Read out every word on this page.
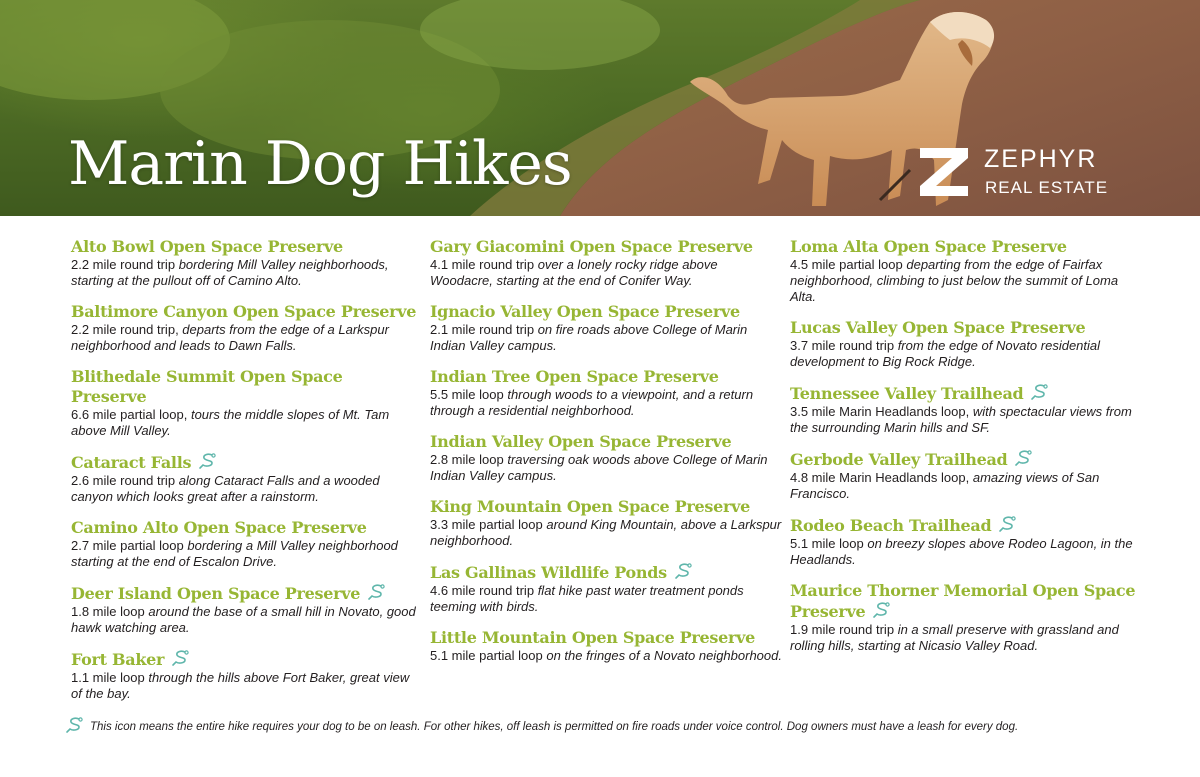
Marin Dog Hikes	ZEPHYR
REAL ESTATE
Alto Bowl Open Space Preserve
2.2 mile round trip bordering Mill Valley neighborhoods, starting at the pullout off of Camino Alto.
Baltimore Canyon Open Space Preserve
2.2 mile round trip, departs from the edge of a Larkspur neighborhood and leads to Dawn Falls.
Blithedale Summit Open Space Preserve
6.6 mile partial loop, tours the middle slopes of Mt. Tam above Mill Valley.
Cataract Falls
2.6 mile round trip along Cataract Falls and a wooded canyon which looks great after a rainstorm.
Camino Alto Open Space Preserve
2.7 mile partial loop bordering a Mill Valley neighborhood starting at the end of Escalon Drive.
Deer Island Open Space Preserve
1.8 mile loop around the base of a small hill in Novato, good hawk watching area.
Fort Baker
1.1 mile loop through the hills above Fort Baker, great view of the bay.
Gary Giacomini Open Space Preserve
4.1 mile round trip over a lonely rocky ridge above Woodacre, starting at the end of Conifer Way.
Ignacio Valley Open Space Preserve
2.1 mile round trip on fire roads above College of Marin Indian Valley campus.
Indian Tree Open Space Preserve
5.5 mile loop through woods to a viewpoint, and a return through a residential neighborhood.
Indian Valley Open Space Preserve
2.8 mile loop traversing oak woods above College of Marin Indian Valley campus.
King Mountain Open Space Preserve
3.3 mile partial loop around King Mountain, above a Larkspur neighborhood.
Las Gallinas Wildlife Ponds
4.6 mile round trip flat hike past water treatment ponds teeming with birds.
Little Mountain Open Space Preserve
5.1 mile partial loop on the fringes of a Novato neighborhood.
Loma Alta Open Space Preserve
4.5 mile partial loop departing from the edge of Fairfax neighborhood, climbing to just below the summit of Loma Alta.
Lucas Valley Open Space Preserve
3.7 mile round trip from the edge of Novato residential development to Big Rock Ridge.
Tennessee Valley Trailhead
3.5 mile Marin Headlands loop, with spectacular views from the surrounding Marin hills and SF.
Gerbode Valley Trailhead
4.8 mile Marin Headlands loop, amazing views of San Francisco.
Rodeo Beach Trailhead
5.1 mile loop on breezy slopes above Rodeo Lagoon, in the Headlands.
Maurice Thorner Memorial Open Space Preserve
1.9 mile round trip in a small preserve with grassland and rolling hills, starting at Nicasio Valley Road.
This icon means the entire hike requires your dog to be on leash. For other hikes, off leash is permitted on fire roads under voice control. Dog owners must have a leash for every dog.
